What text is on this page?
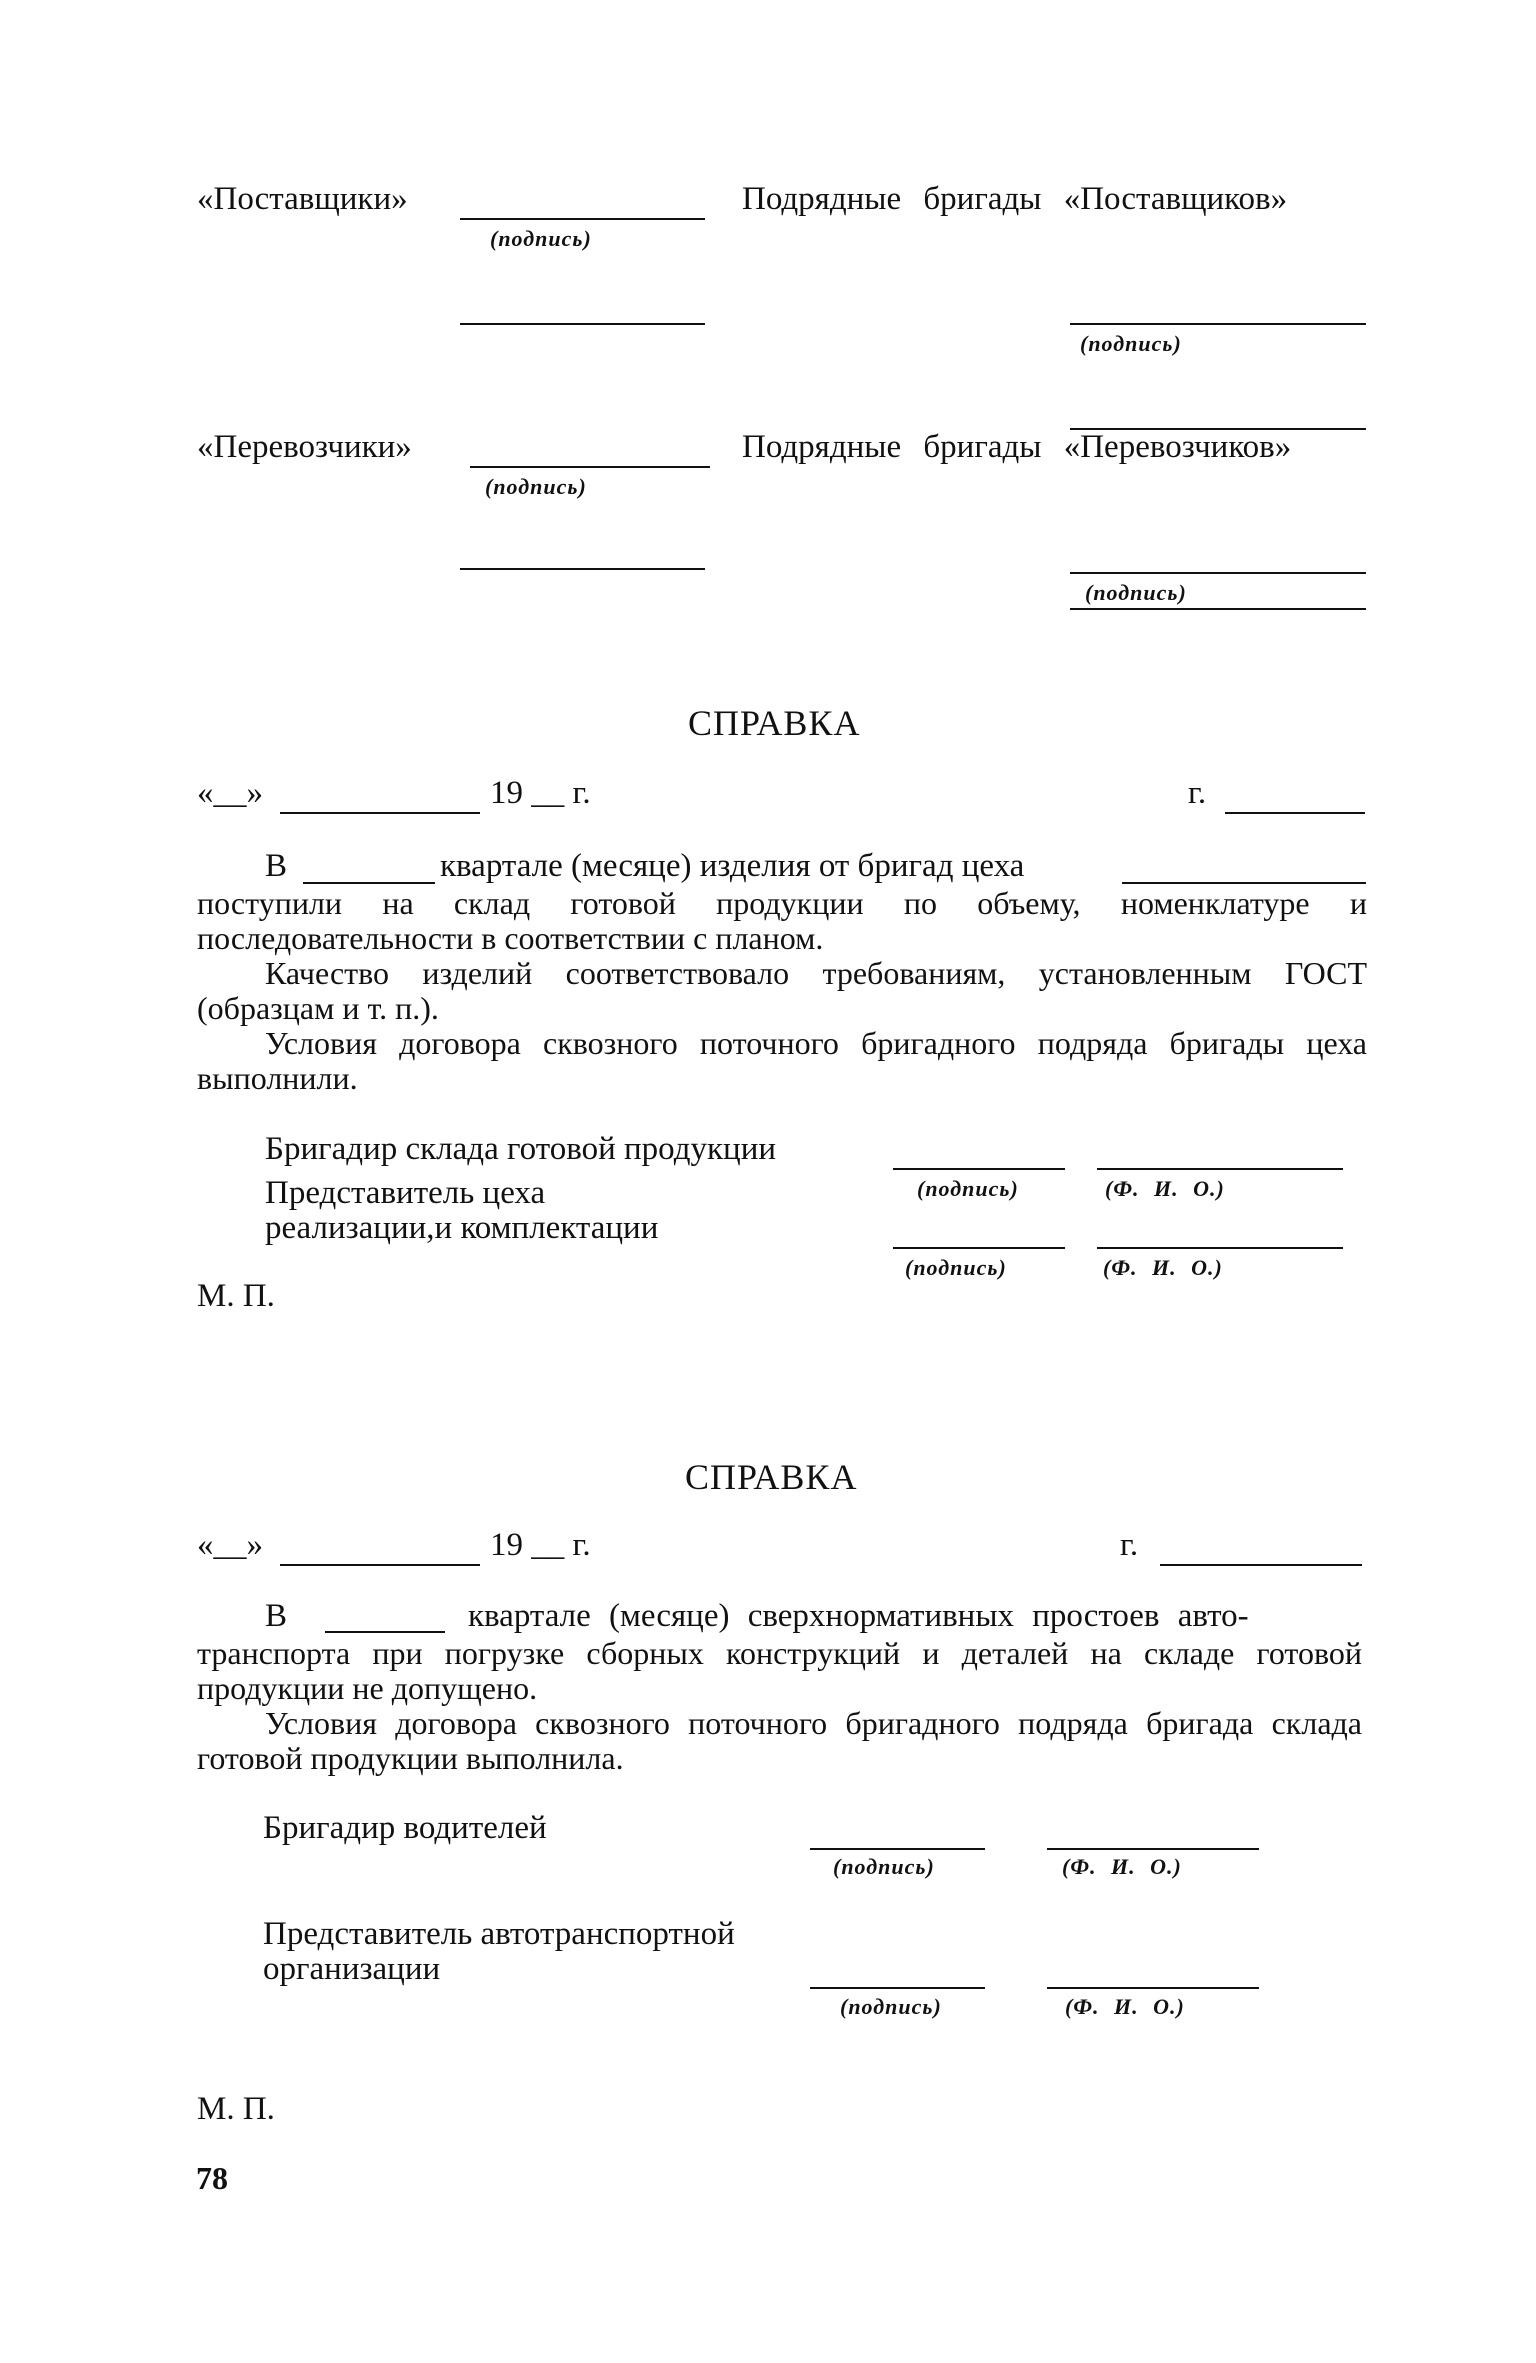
«Поставщики»
(подпись)
Подрядные бригады «Поставщиков»
(подпись)
«Перевозчики»
(подпись)
Подрядные бригады «Перевозчиков»
(подпись)
СПРАВКА
«__»	19 __ г.	г.
В	квартале (месяце) изделия от бригад цеха
поступили на склад готовой продукции по объему, номенклатуре и последовательности в соответствии с планом.
Качество изделий соответствовало требованиям, установленным ГОСТ (образцам и т. п.).
Условия договора сквозного поточного бригадного подряда бригады цеха выполнили.
Бригадир склада готовой продукции
(подпись)	(Ф. И. О.)
Представитель цеха
реализации,и комплектации
(подпись)	(Ф. И. О.)
М. П.
СПРАВКА
«__»	19 __ г.	г.
В	квартале (месяце) сверхнормативных простоев авто-
транспорта при погрузке сборных конструкций и деталей на складе готовой продукции не допущено.
Условия договора сквозного поточного бригадного подряда бригада склада готовой продукции выполнила.
Бригадир водителей
(подпись)	(Ф. И. О.)
Представитель автотранспортной
организации
(подпись)	(Ф. И. О.)
М. П.
78
